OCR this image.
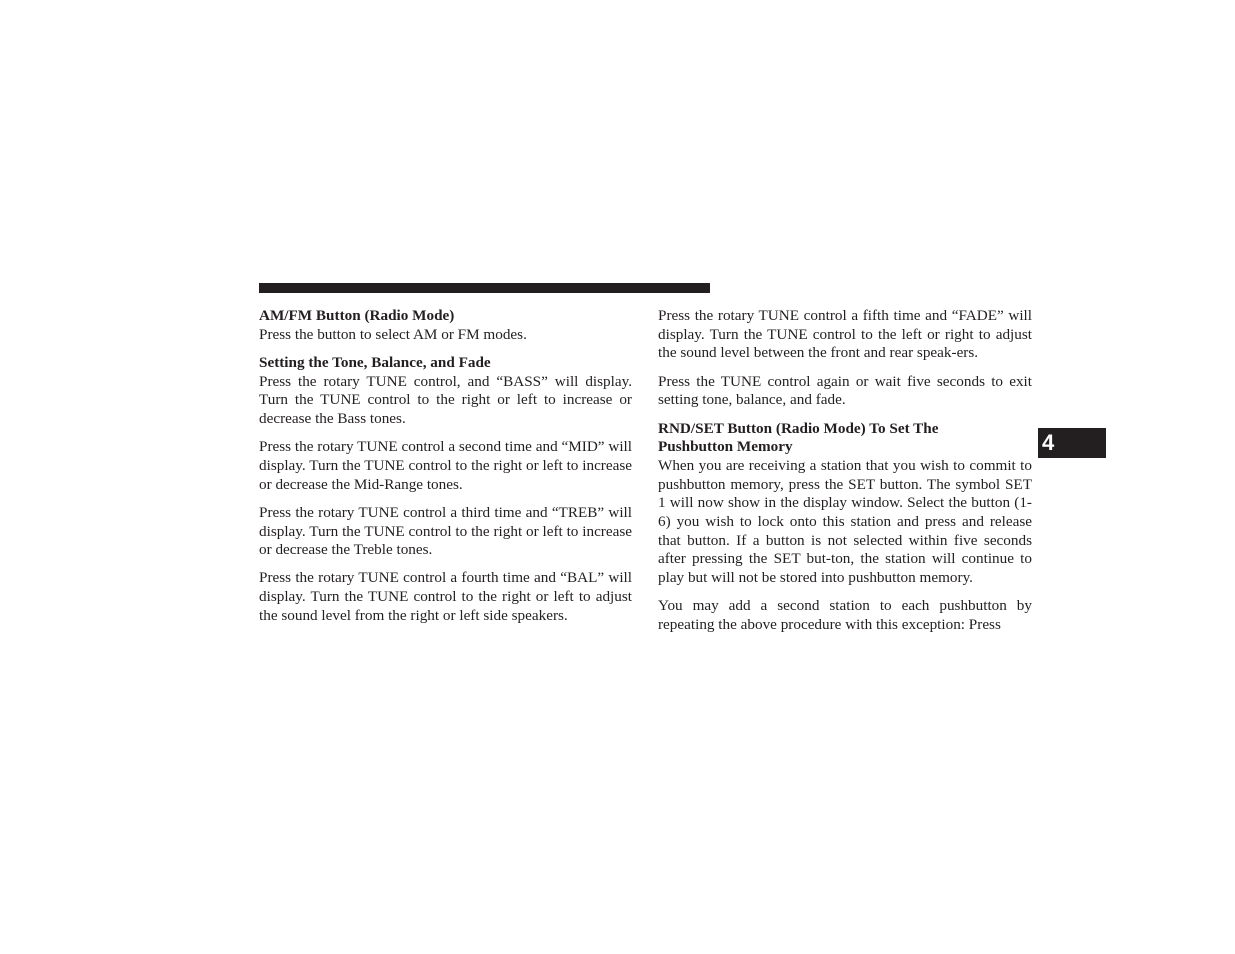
AM/FM Button (Radio Mode)
Press the button to select AM or FM modes.

Setting the Tone, Balance, and Fade
Press the rotary TUNE control, and “BASS” will display. Turn the TUNE control to the right or left to increase or decrease the Bass tones.

Press the rotary TUNE control a second time and “MID” will display. Turn the TUNE control to the right or left to increase or decrease the Mid-Range tones.

Press the rotary TUNE control a third time and “TREB” will display. Turn the TUNE control to the right or left to increase or decrease the Treble tones.

Press the rotary TUNE control a fourth time and “BAL” will display. Turn the TUNE control to the right or left to adjust the sound level from the right or left side speakers.

Press the rotary TUNE control a fifth time and “FADE” will display. Turn the TUNE control to the left or right to adjust the sound level between the front and rear speak-ers.

Press the TUNE control again or wait five seconds to exit setting tone, balance, and fade.

RND/SET Button (Radio Mode) To Set The
Pushbutton Memory
When you are receiving a station that you wish to commit to pushbutton memory, press the SET button. The symbol SET 1 will now show in the display window. Select the button (1-6) you wish to lock onto this station and press and release that button. If a button is not selected within five seconds after pressing the SET but-ton, the station will continue to play but will not be stored into pushbutton memory.

You may add a second station to each pushbutton by repeating the above procedure with this exception: Press

4
